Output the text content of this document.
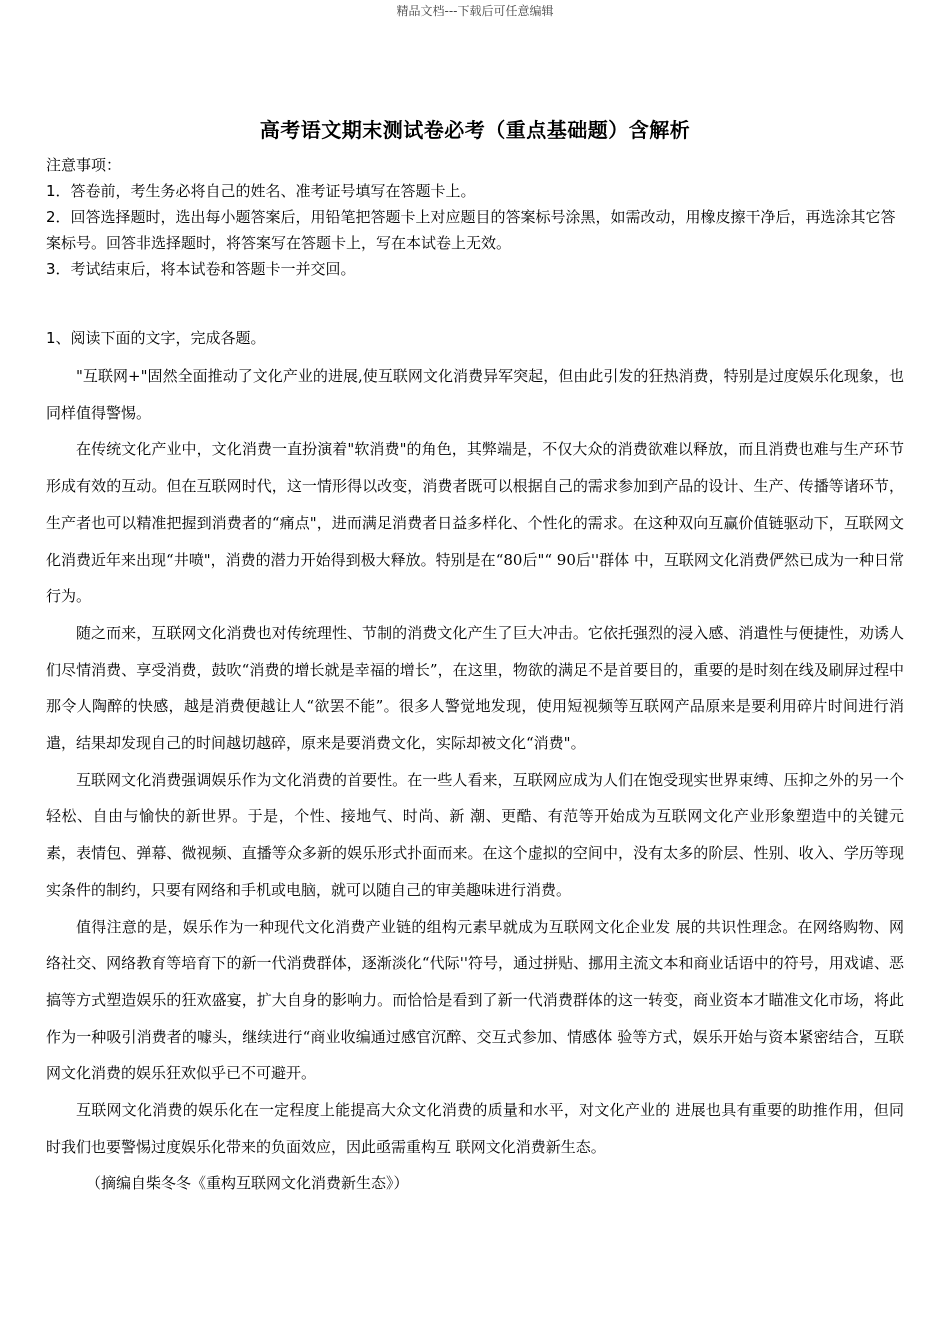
精品文档---下载后可任意编辑
高考语文期末测试卷必考（重点基础题）含解析
注意事项：
1．答卷前，考生务必将自己的姓名、准考证号填写在答题卡上。
2．回答选择题时，选出每小题答案后，用铅笔把答题卡上对应题目的答案标号涂黑，如需改动，用橡皮擦干净后，再选涂其它答案标号。回答非选择题时，将答案写在答题卡上，写在本试卷上无效。
3．考试结束后，将本试卷和答题卡一并交回。
1、阅读下面的文字，完成各题。

"互联网+"固然全面推动了文化产业的进展,使互联网文化消费异军突起，但由此引发的狂热消费，特别是过度娱乐化现象，也同样值得警惕。

在传统文化产业中，文化消费一直扮演着"软消费"的角色，其弊端是，不仅大众的消费欲难以释放，而且消费也难与生产环节形成有效的互动。但在互联网时代，这一情形得以改变，消费者既可以根据自己的需求参加到产品的设计、生产、传播等诸环节，生产者也可以精准把握到消费者的“痛点"，进而满足消费者日益多样化、个性化的需求。在这种双向互赢价值链驱动下，互联网文化消费近年来出现“井喷"，消费的潜力开始得到极大释放。特别是在“80后"“ 90后''群体 中，互联网文化消费俨然已成为一种日常行为。

随之而来，互联网文化消费也对传统理性、节制的消费文化产生了巨大冲击。它依托强烈的浸入感、消遣性与便捷性，劝诱人们尽情消费、享受消费，鼓吹“消费的增长就是幸福的增长”，在这里，物欲的满足不是首要目的，重要的是时刻在线及刷屏过程中那令人陶醉的快感，越是消费便越让人“欲罢不能”。很多人警觉地发现，使用短视频等互联网产品原来是要利用碎片时间进行消遣，结果却发现自己的时间越切越碎，原来是要消费文化，实际却被文化“消费"。

互联网文化消费强调娱乐作为文化消费的首要性。在一些人看来，互联网应成为人们在饱受现实世界束缚、压抑之外的另一个轻松、自由与愉快的新世界。于是，个性、接地气、时尚、新 潮、更酷、有范等开始成为互联网文化产业形象塑造中的关键元素，表情包、弹幕、微视频、直播等众多新的娱乐形式扑面而来。在这个虚拟的空间中，没有太多的阶层、性别、收入、学历等现实条件的制约，只要有网络和手机或电脑，就可以随自己的审美趣味进行消费。

值得注意的是，娱乐作为一种现代文化消费产业链的组构元素早就成为互联网文化企业发 展的共识性理念。在网络购物、网络社交、网络教育等培育下的新一代消费群体，逐渐淡化“代际''符号，通过拼贴、挪用主流文本和商业话语中的符号，用戏谑、恶搞等方式塑造娱乐的狂欢盛宴，扩大自身的影响力。而恰恰是看到了新一代消费群体的这一转变，商业资本才瞄准文化市场，将此作为一种吸引消费者的噱头，继续进行“商业收编通过感官沉醉、交互式参加、情感体 验等方式，娱乐开始与资本紧密结合，互联网文化消费的娱乐狂欢似乎已不可避开。

互联网文化消费的娱乐化在一定程度上能提高大众文化消费的质量和水平，对文化产业的 进展也具有重要的助推作用，但同时我们也要警惕过度娱乐化带来的负面效应，因此亟需重构互 联网文化消费新生态。

（摘编自柴冬冬《重构互联网文化消费新生态》）
